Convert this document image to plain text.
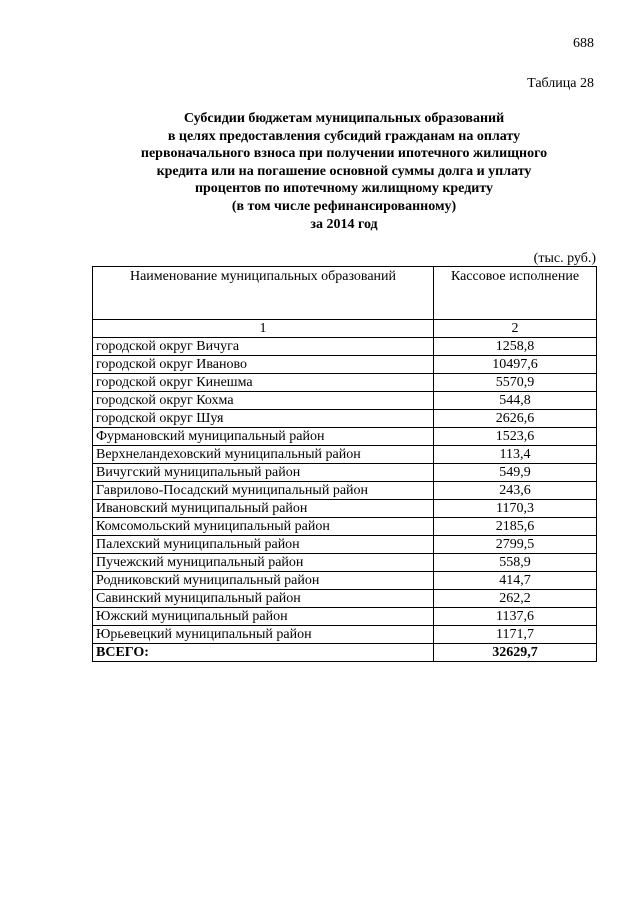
688
Таблица 28
Субсидии бюджетам муниципальных образований
в целях предоставления субсидий гражданам на оплату
первоначального взноса при получении ипотечного жилищного
кредита или на погашение основной суммы долга и уплату
процентов по ипотечному жилищному кредиту
(в том числе рефинансированному)
за 2014 год
(тыс. руб.)
Наименование муниципальных образований	Кассовое исполнение
1	2
городской округ Вичуга	1258,8
городской округ Иваново	10497,6
городской округ Кинешма	5570,9
городской округ Кохма	544,8
городской округ Шуя	2626,6
Фурмановский муниципальный район	1523,6
Верхнеландеховский муниципальный район	113,4
Вичугский муниципальный район	549,9
Гаврилово-Посадский муниципальный район	243,6
Ивановский муниципальный район	1170,3
Комсомольский муниципальный район	2185,6
Палехский муниципальный район	2799,5
Пучежский муниципальный район	558,9
Родниковский муниципальный район	414,7
Савинский муниципальный район	262,2
Южский муниципальный район	1137,6
Юрьевецкий муниципальный район	1171,7
ВСЕГО:	32629,7
